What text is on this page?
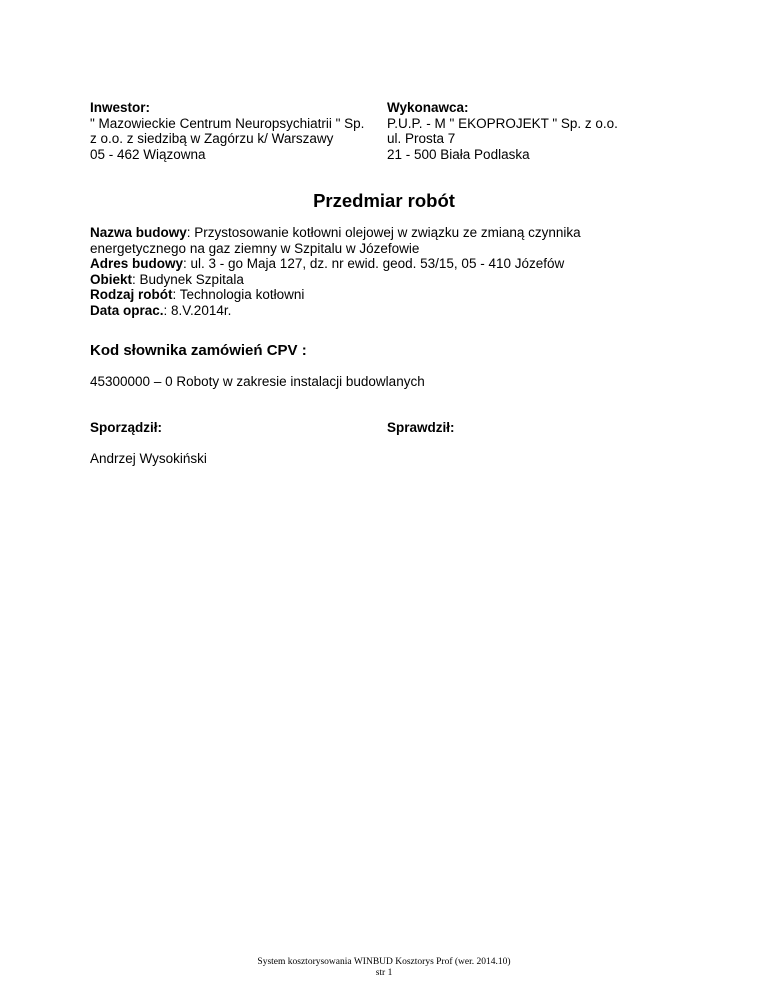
Inwestor:
" Mazowieckie Centrum Neuropsychiatrii " Sp.
z o.o. z siedzibą w Zagórzu k/ Warszawy
05 - 462 Wiązowna
Wykonawca:
P.U.P. - M " EKOPROJEKT " Sp. z o.o.
ul. Prosta 7
21 - 500 Biała Podlaska
Przedmiar robót
Nazwa budowy: Przystosowanie kotłowni olejowej w związku ze zmianą czynnika
energetycznego na gaz ziemny w Szpitalu w Józefowie
Adres budowy: ul. 3 - go Maja 127, dz. nr ewid. geod. 53/15, 05 - 410 Józefów
Obiekt: Budynek Szpitala
Rodzaj robót: Technologia kotłowni
Data oprac.: 8.V.2014r.
Kod słownika zamówień CPV :
45300000 – 0 Roboty w zakresie instalacji budowlanych
Sporządził:	Sprawdził:
Andrzej Wysokiński
System kosztorysowania WINBUD Kosztorys Prof (wer. 2014.10)
str 1
